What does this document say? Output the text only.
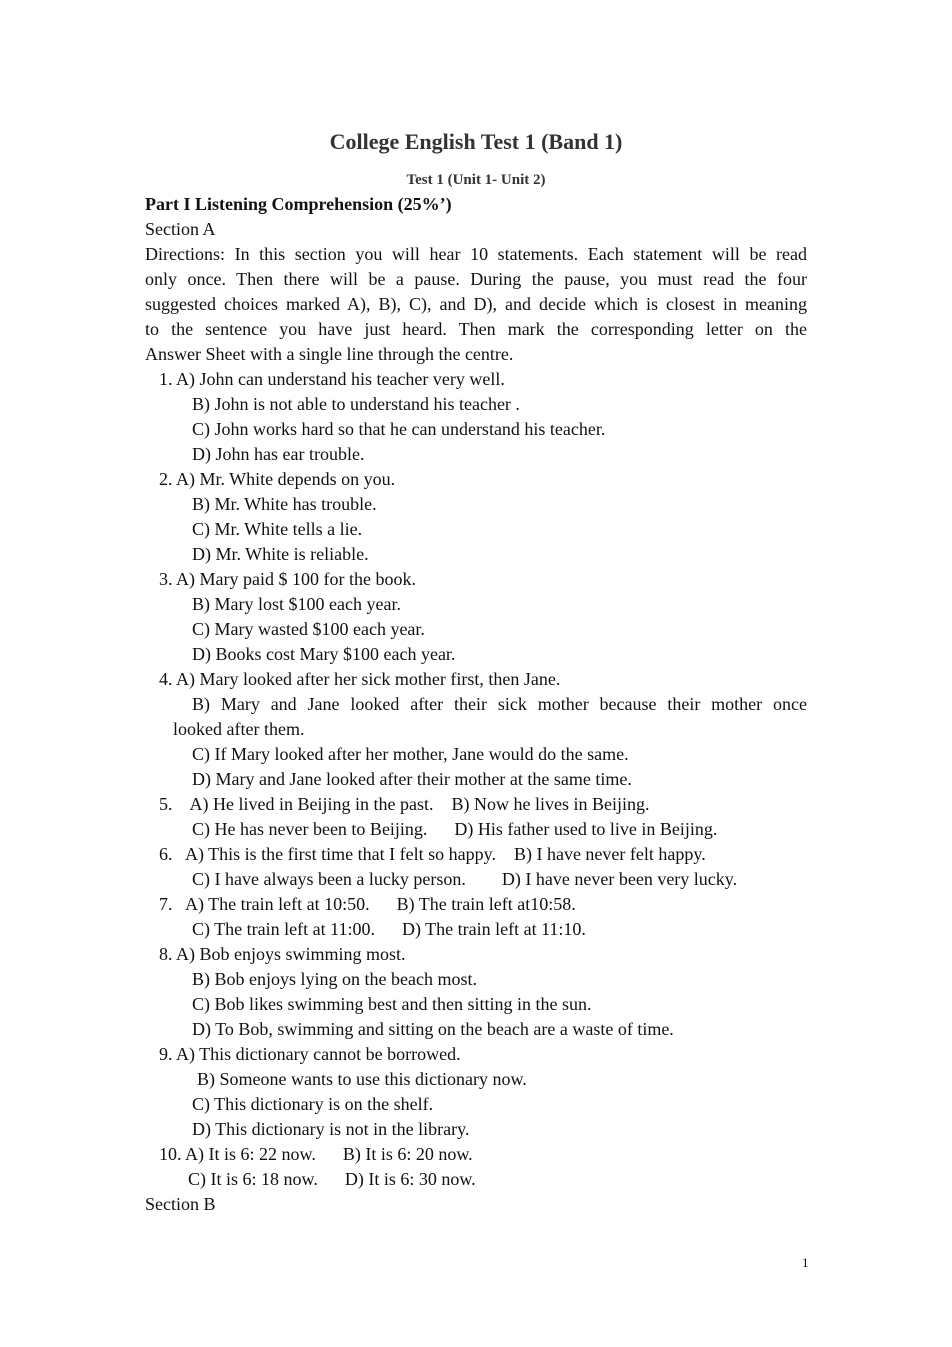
College English Test 1 (Band 1)
Test 1 (Unit 1- Unit 2)
Part I Listening Comprehension (25%’)
Section A
Directions: In this section you will hear 10 statements. Each statement will be read
only once. Then there will be a pause. During the pause, you must read the four
suggested choices marked A), B), C), and D), and decide which is closest in meaning
to the sentence you have just heard. Then mark the corresponding letter on the
Answer Sheet with a single line through the centre.
1. A) John can understand his teacher very well.
B) John is not able to understand his teacher .
C) John works hard so that he can understand his teacher.
D) John has ear trouble.
2. A) Mr. White depends on you.
B) Mr. White has trouble.
C) Mr. White tells a lie.
D) Mr. White is reliable.
3. A) Mary paid $ 100 for the book.
B) Mary lost $100 each year.
C) Mary wasted $100 each year.
D) Books cost Mary $100 each year.
4. A) Mary looked after her sick mother first, then Jane.
B) Mary and Jane looked after their sick mother because their mother once
looked after them.
C) If Mary looked after her mother, Jane would do the same.
D) Mary and Jane looked after their mother at the same time.
5.    A) He lived in Beijing in the past.    B) Now he lives in Beijing.
C) He has never been to Beijing.      D) His father used to live in Beijing.
6.   A) This is the first time that I felt so happy.    B) I have never felt happy.
C) I have always been a lucky person.        D) I have never been very lucky.
7.   A) The train left at 10:50.      B) The train left at10:58.
C) The train left at 11:00.      D) The train left at 11:10.
8. A) Bob enjoys swimming most.
B) Bob enjoys lying on the beach most.
C) Bob likes swimming best and then sitting in the sun.
D) To Bob, swimming and sitting on the beach are a waste of time.
9. A) This dictionary cannot be borrowed.
B) Someone wants to use this dictionary now.
C) This dictionary is on the shelf.
D) This dictionary is not in the library.
10. A) It is 6: 22 now.      B) It is 6: 20 now.
C) It is 6: 18 now.      D) It is 6: 30 now.
Section B
1
